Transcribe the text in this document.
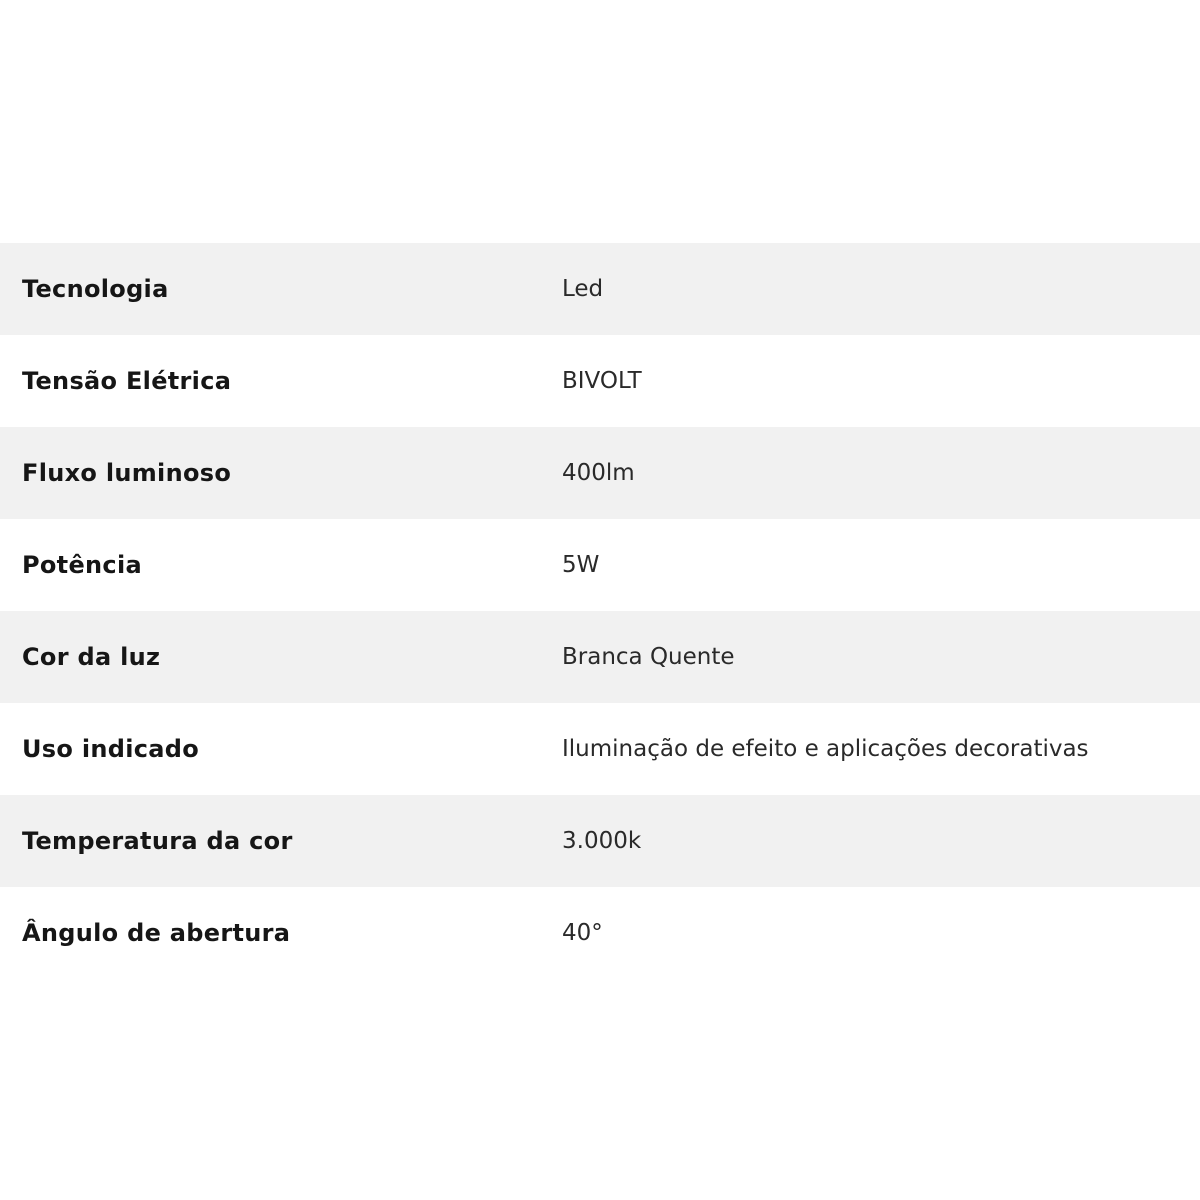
Tecnologia	Led
Tensão Elétrica	BIVOLT
Fluxo luminoso	400lm
Potência	5W
Cor da luz	Branca Quente
Uso indicado	Iluminação de efeito e aplicações decorativas
Temperatura da cor	3.000k
Ângulo de abertura	40°
